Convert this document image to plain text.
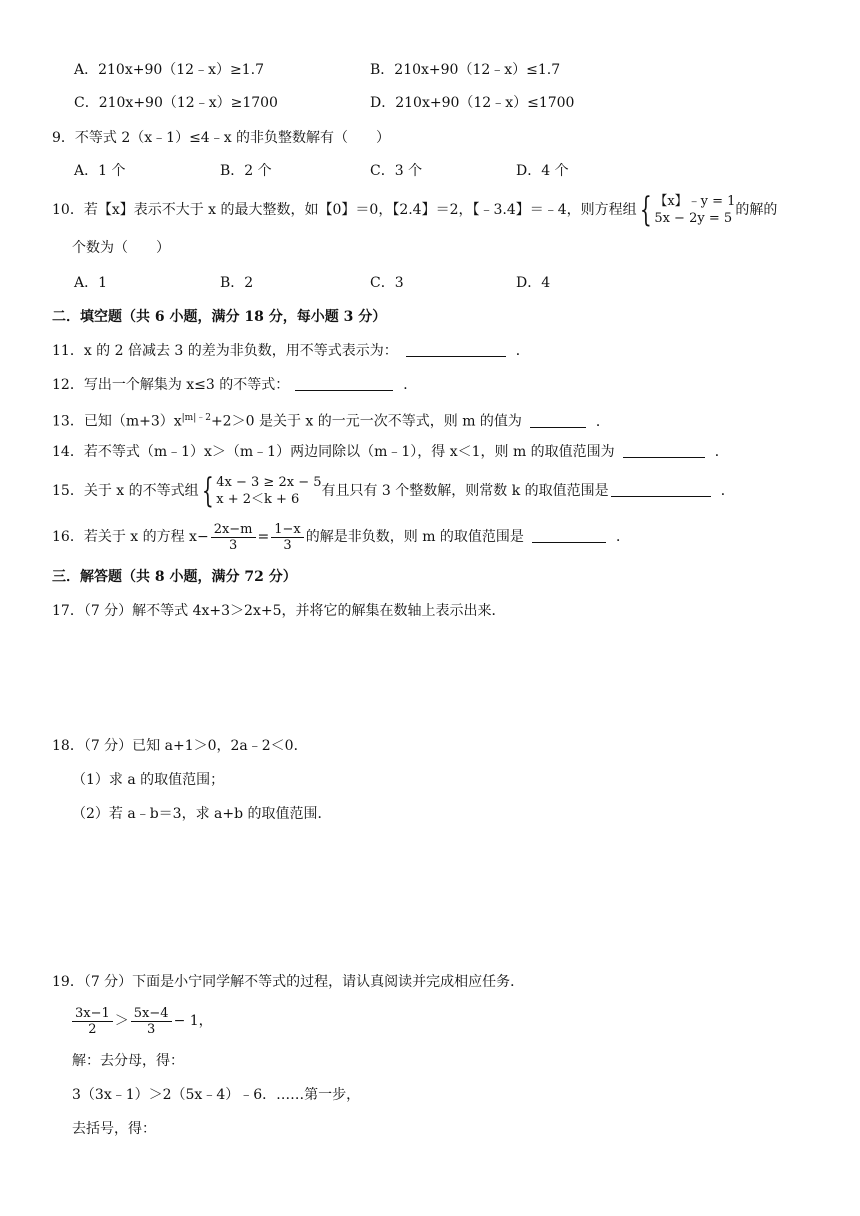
A．210x+90（12﹣x）≥1.7	B．210x+90（12﹣x）≤1.7
C．210x+90（12﹣x）≥1700	D．210x+90（12﹣x）≤1700
9．不等式 2（x﹣1）≤4﹣x 的非负整数解有（　　）
A．1 个	B．2 个	C．3 个	D．4 个
10．若【x】表示不大于 x 的最大整数，如【0】＝0，【2.4】＝2，【﹣3.4】＝﹣4，则方程组{ 【x】﹣y = 1
5x − 2y = 5
的解的
个数为（　　）
A．1	B．2	C．3	D．4
二．填空题（共 6 小题，满分 18 分，每小题 3 分）
11．x 的 2 倍减去 3 的差为非负数，用不等式表示为：	．
12．写出一个解集为 x≤3 的不等式：	．
13．已知$(m+3)x^{|m|﹣2}+2>0$ 是关于 x 的一元一次不等式，则 m 的值为	．
14．若不等式（m﹣1）x＞（m﹣1）两边同除以（m﹣1），得 x＜1，则 m 的取值范围为	．
15．关于 x 的不等式组{ 4x − 3 ≥ 2x − 5
x + 2＜k + 6
有且只有 3 个整数解，则常数 k 的取值范围是	．
16．若关于 x 的方程 $x- \frac{2x-m}{3} = \frac{1-x}{3}$ 的解是非负数，则 m 的取值范围是	．
三．解答题（共 8 小题，满分 72 分）
17．（7 分）解不等式 4x+3＞2x+5，并将它的解集在数轴上表示出来．
18．（7 分）已知 a+1＞0，2a﹣2＜0．
（1）求 a 的取值范围；
（2）若 a﹣b＝3，求 a+b 的取值范围．
19．（7 分）下面是小宁同学解不等式的过程，请认真阅读并完成相应任务．
$\frac{3x-1}{2} > \frac{5x-4}{3} - 1$，
解：去分母，得：
3（3x﹣1）＞2（5x﹣4）﹣6．……第一步，
去括号，得：
